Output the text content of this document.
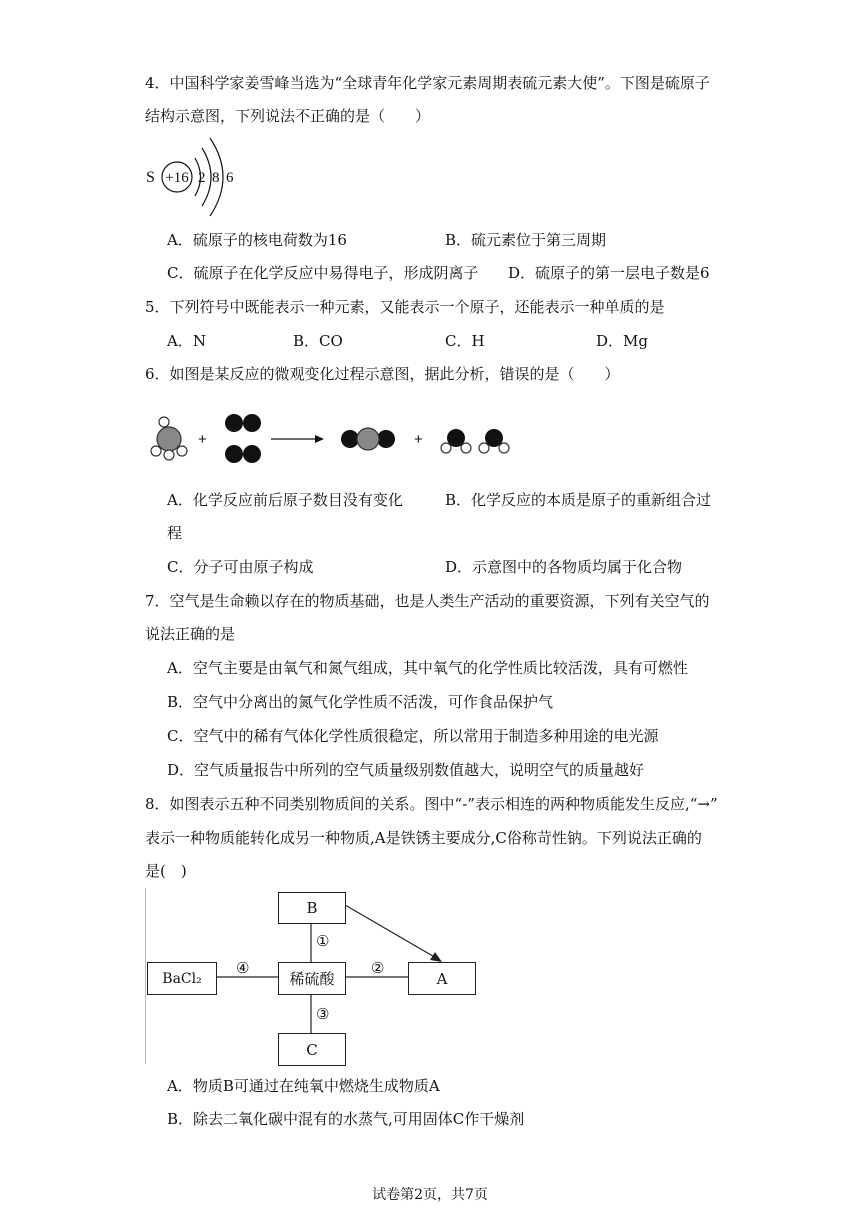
4．中国科学家姜雪峰当选为“全球青年化学家元素周期表硫元素大使”。下图是硫原子
结构示意图，下列说法不正确的是（　　）
S +16 2 8 6
A．硫原子的核电荷数为16	B．硫元素位于第三周期
C．硫原子在化学反应中易得电子，形成阴离子 D．硫原子的第一层电子数是6
5．下列符号中既能表示一种元素，又能表示一个原子，还能表示一种单质的是
A．N	B．CO	C．H	D．Mg
6．如图是某反应的微观变化过程示意图，据此分析，错误的是（　　）
+	+
A．化学反应前后原子数目没有变化	B．化学反应的本质是原子的重新组合过
程
C．分子可由原子构成	D．示意图中的各物质均属于化合物
7．空气是生命赖以存在的物质基础，也是人类生产活动的重要资源，下列有关空气的
说法正确的是
A．空气主要是由氧气和氮气组成，其中氧气的化学性质比较活泼，具有可燃性
B．空气中分离出的氮气化学性质不活泼，可作食品保护气
C．空气中的稀有气体化学性质很稳定，所以常用于制造多种用途的电光源
D．空气质量报告中所列的空气质量级别数值越大，说明空气的质量越好
8．如图表示五种不同类别物质间的关系。图中“-”表示相连的两种物质能发生反应,“→”
表示一种物质能转化成另一种物质,A是铁锈主要成分,C俗称苛性钠。下列说法正确的
是(　)
B
稀硫酸	A
C
BaCl₂
①
②
③
④
A．物质B可通过在纯氧中燃烧生成物质A
B．除去二氧化碳中混有的水蒸气,可用固体C作干燥剂
试卷第2页，共7页
